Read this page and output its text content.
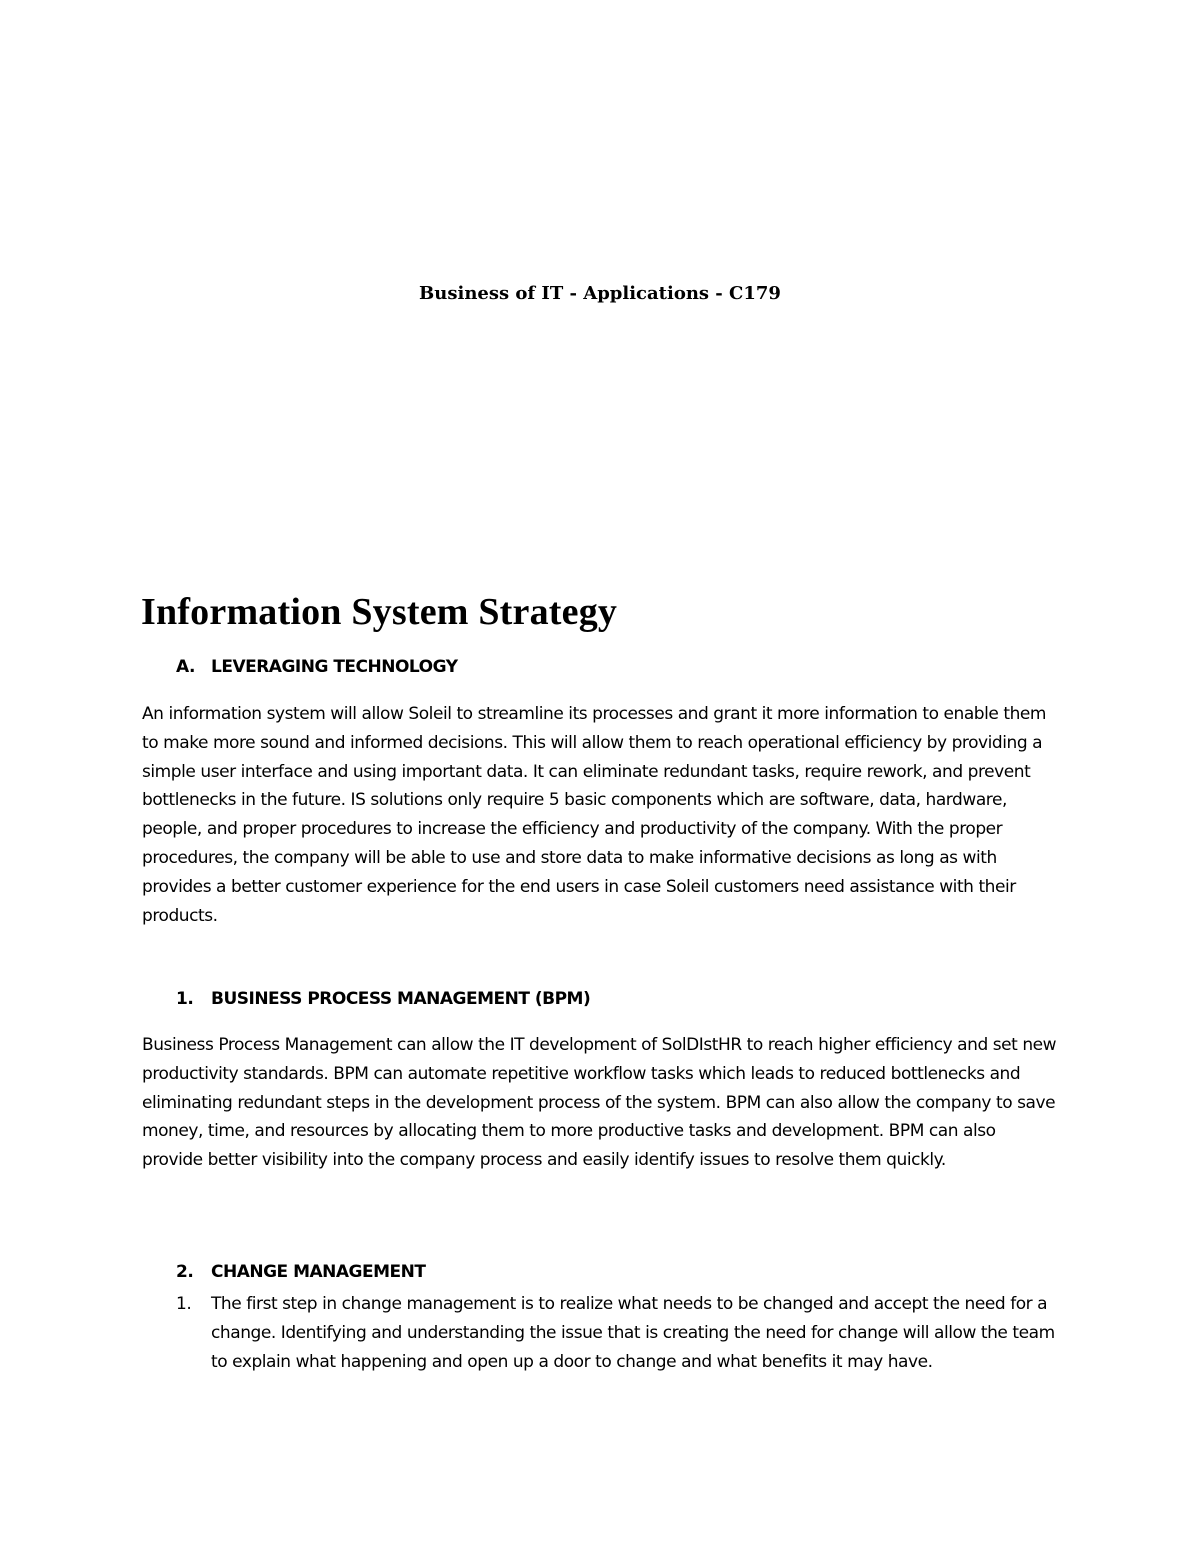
Business of IT - Applications - C179
Information System Strategy
A. LEVERAGING TECHNOLOGY

An information system will allow Soleil to streamline its processes and grant it more information to enable them to make more sound and informed decisions. This will allow them to reach operational efficiency by providing a simple user interface and using important data. It can eliminate redundant tasks, require rework, and prevent bottlenecks in the future. IS solutions only require 5 basic components which are software, data, hardware, people, and proper procedures to increase the efficiency and productivity of the company. With the proper procedures, the company will be able to use and store data to make informative decisions as long as with provides a better customer experience for the end users in case Soleil customers need assistance with their products.

1. BUSINESS PROCESS MANAGEMENT (BPM)

Business Process Management can allow the IT development of SolDIstHR to reach higher efficiency and set new productivity standards. BPM can automate repetitive workflow tasks which leads to reduced bottlenecks and eliminating redundant steps in the development process of the system. BPM can also allow the company to save money, time, and resources by allocating them to more productive tasks and development. BPM can also provide better visibility into the company process and easily identify issues to resolve them quickly.

2. CHANGE MANAGEMENT
1. The first step in change management is to realize what needs to be changed and accept the need for a change. Identifying and understanding the issue that is creating the need for change will allow the team to explain what happening and open up a door to change and what benefits it may have.
